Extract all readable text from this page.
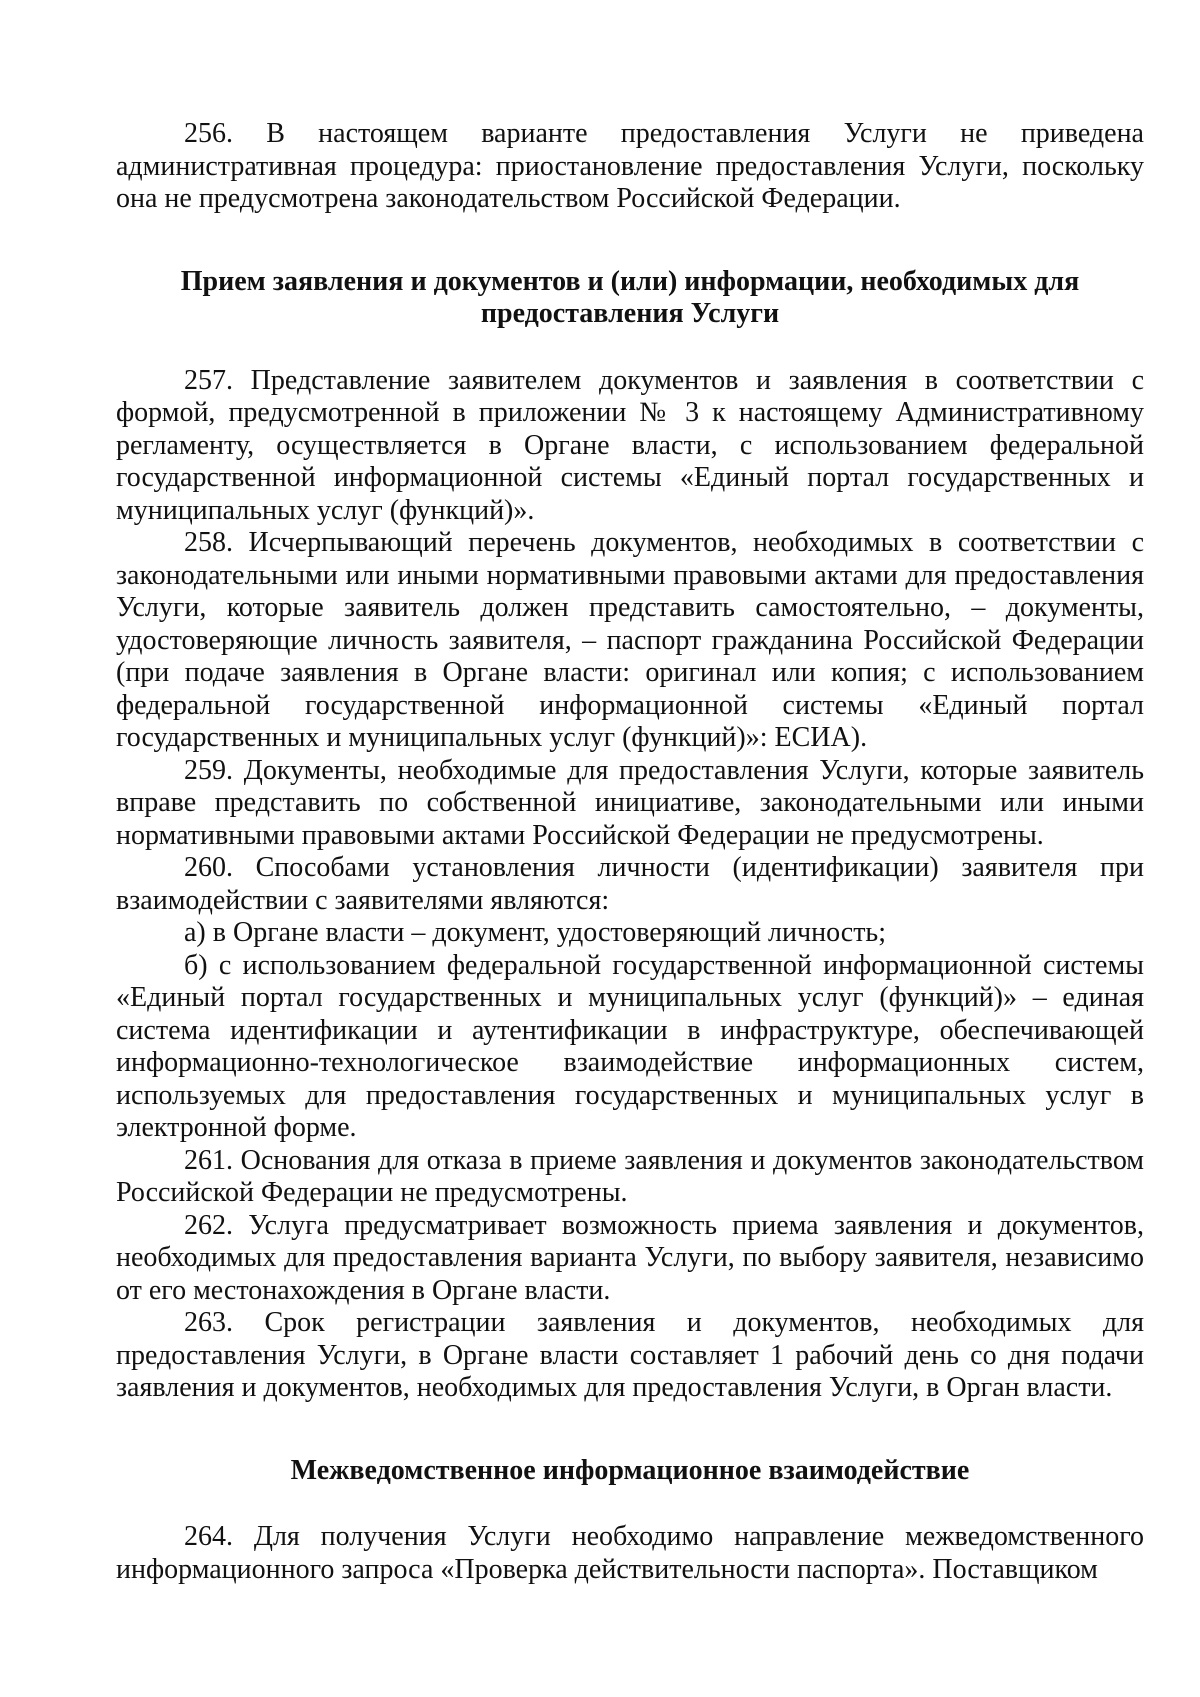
256. В настоящем варианте предоставления Услуги не приведена административная процедура: приостановление предоставления Услуги, поскольку она не предусмотрена законодательством Российской Федерации.

Прием заявления и документов и (или) информации, необходимых для предоставления Услуги

257. Представление заявителем документов и заявления в соответствии с формой, предусмотренной в приложении № 3 к настоящему Административному регламенту, осуществляется в Органе власти, с использованием федеральной государственной информационной системы «Единый портал государственных и муниципальных услуг (функций)».

258. Исчерпывающий перечень документов, необходимых в соответствии с законодательными или иными нормативными правовыми актами для предоставления Услуги, которые заявитель должен представить самостоятельно, – документы, удостоверяющие личность заявителя, – паспорт гражданина Российской Федерации (при подаче заявления в Органе власти: оригинал или копия; с использованием федеральной государственной информационной системы «Единый портал государственных и муниципальных услуг (функций)»: ЕСИА).

259. Документы, необходимые для предоставления Услуги, которые заявитель вправе представить по собственной инициативе, законодательными или иными нормативными правовыми актами Российской Федерации не предусмотрены.

260. Способами установления личности (идентификации) заявителя при взаимодействии с заявителями являются:

а) в Органе власти – документ, удостоверяющий личность;

б) с использованием федеральной государственной информационной системы «Единый портал государственных и муниципальных услуг (функций)» – единая система идентификации и аутентификации в инфраструктуре, обеспечивающей информационно-технологическое взаимодействие информационных систем, используемых для предоставления государственных и муниципальных услуг в электронной форме.

261. Основания для отказа в приеме заявления и документов законодательством Российской Федерации не предусмотрены.

262. Услуга предусматривает возможность приема заявления и документов, необходимых для предоставления варианта Услуги, по выбору заявителя, независимо от его местонахождения в Органе власти.

263. Срок регистрации заявления и документов, необходимых для предоставления Услуги, в Органе власти составляет 1 рабочий день со дня подачи заявления и документов, необходимых для предоставления Услуги, в Орган власти.

Межведомственное информационное взаимодействие

264. Для получения Услуги необходимо направление межведомственного информационного запроса «Проверка действительности паспорта». Поставщиком
